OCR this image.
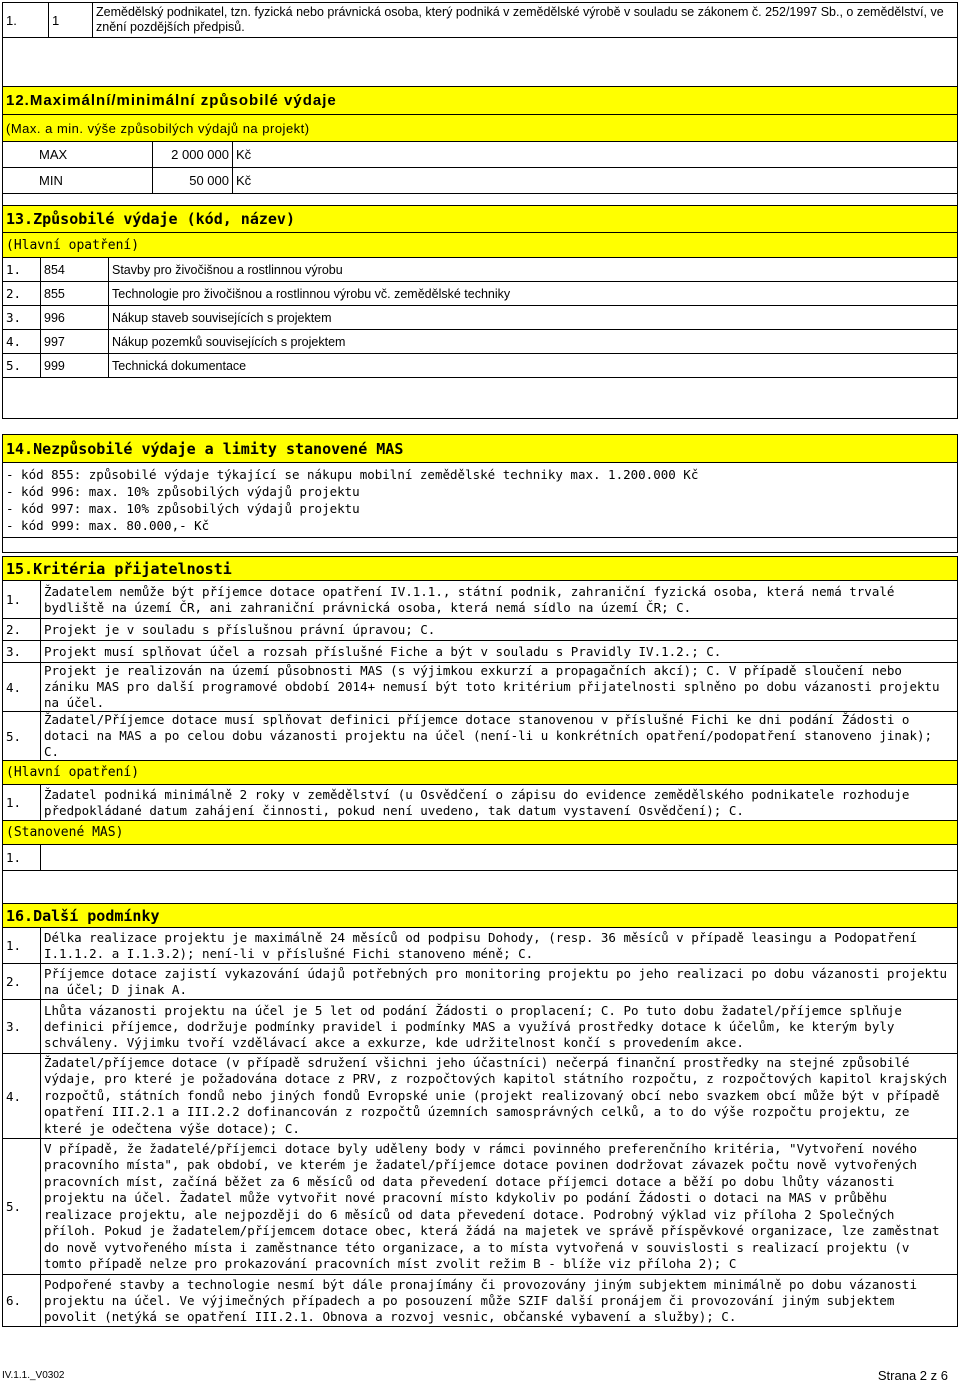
1.	1	Zemědělský podnikatel, tzn. fyzická nebo právnická osoba, který podniká v zemědělské výrobě v souladu se zákonem č. 252/1997 Sb., o zemědělství, ve znění pozdějších předpisů.

12.Maximální/minimální způsobilé výdaje		
(Max. a min. výše způsobilých výdajů na projekt)		
MAX	2 000 000	Kč
MIN	50 000	Kč

13.Způsobilé výdaje (kód, název)		
(Hlavní opatření)		
1.	854	Stavby pro živočišnou a rostlinnou výrobu
2.	855	Technologie pro živočišnou a rostlinnou výrobu vč. zemědělské techniky
3.	996	Nákup staveb souvisejících s projektem
4.	997	Nákup pozemků souvisejících s projektem
5.	999	Technická dokumentace

14.Nezpůsobilé výdaje a limity stanovené MAS

- kód 855: způsobilé výdaje týkající se nákupu mobilní zemědělské techniky max. 1.200.000 Kč
- kód 996: max. 10% způsobilých výdajů projektu
- kód 997: max. 10% způsobilých výdajů projektu
- kód 999: max. 80.000,- Kč

15.Kritéria přijatelnosti	
1.	Žadatelem nemůže být příjemce dotace opatření IV.1.1., státní podnik, zahraniční fyzická osoba, která nemá trvalé bydliště na území ČR, ani zahraniční právnická osoba, která nemá sídlo na území ČR; C.
2.	Projekt je v souladu s příslušnou právní úpravou; C.
3.	Projekt musí splňovat účel a rozsah příslušné Fiche a být v souladu s Pravidly IV.1.2.; C.
4.	Projekt je realizován na území působnosti MAS (s výjimkou exkurzí a propagačních akcí); C. V případě sloučení nebo zániku MAS pro další programové období 2014+ nemusí být toto kritérium přijatelnosti splněno po dobu vázanosti projektu na účel.
5.	Žadatel/Příjemce dotace musí splňovat definici příjemce dotace stanovenou v příslušné Fichi ke dni podání Žádosti o dotaci na MAS a po celou dobu vázanosti projektu na účel (není-li u konkrétních opatření/podopatření stanoveno jinak); C.
(Hlavní opatření)	
1.	Žadatel podniká minimálně 2 roky v zemědělství (u Osvědčení o zápisu do evidence zemědělského podnikatele rozhoduje předpokládané datum zahájení činnosti, pokud není uvedeno, tak datum vystavení Osvědčení); C.
(Stanovené MAS)	
1.	

16.Další podmínky	
1.	Délka realizace projektu je maximálně 24 měsíců od podpisu Dohody, (resp. 36 měsíců v případě leasingu a Podopatření I.1.1.2. a I.1.3.2); není-li v příslušné Fichi stanoveno méně; C.
2.	Příjemce dotace zajistí vykazování údajů potřebných pro monitoring projektu po jeho realizaci po dobu vázanosti projektu na účel; D jinak A.
3.	Lhůta vázanosti projektu na účel je 5 let od podání Žádosti o proplacení; C. Po tuto dobu žadatel/příjemce splňuje definici příjemce, dodržuje podmínky pravidel i podmínky MAS a využívá prostředky dotace k účelům, ke kterým byly schváleny. Výjimku tvoří vzdělávací akce a exkurze, kde udržitelnost končí s provedením akce.
4.	Žadatel/příjemce dotace (v případě sdružení všichni jeho účastníci) nečerpá finanční prostředky na stejné způsobilé výdaje, pro které je požadována dotace z PRV, z rozpočtových kapitol státního rozpočtu, z rozpočtových kapitol krajských rozpočtů, státních fondů nebo jiných fondů Evropské unie (projekt realizovaný obcí nebo svazkem obcí může být v případě opatření III.2.1 a III.2.2 dofinancován z rozpočtů územních samosprávných celků, a to do výše rozpočtu projektu, ze které je odečtena výše dotace); C.
5.	V případě, že žadatelé/příjemci dotace byly uděleny body v rámci povinného preferenčního kritéria, "Vytvoření nového pracovního místa", pak období, ve kterém je žadatel/příjemce dotace povinen dodržovat závazek počtu nově vytvořených pracovních míst, začíná běžet za 6 měsíců od data převedení dotace příjemci dotace a běží po dobu lhůty vázanosti projektu na účel. Žadatel může vytvořit nové pracovní místo kdykoliv po podání Žádosti o dotaci na MAS v průběhu realizace projektu, ale nejpozději do 6 měsíců od data převedení dotace. Podrobný výklad viz příloha 2 Společných příloh. Pokud je žadatelem/příjemcem dotace obec, která žádá na majetek ve správě příspěvkové organizace, lze zaměstnat do nově vytvořeného místa i zaměstnance této organizace, a to místa vytvořená v souvislosti s realizací projektu (v tomto případě nelze pro prokazování pracovních míst zvolit režim B - blíže viz příloha 2); C
6.	Podpořené stavby a technologie nesmí být dále pronajímány či provozovány jiným subjektem minimálně po dobu vázanosti projektu na účel. Ve výjimečných případech a po posouzení může SZIF další pronájem či provozování jiným subjektem povolit (netýká se opatření III.2.1. Obnova a rozvoj vesnic, občanské vybavení a služby); C.
IV.1.1._V0302	Strana 2 z 6
